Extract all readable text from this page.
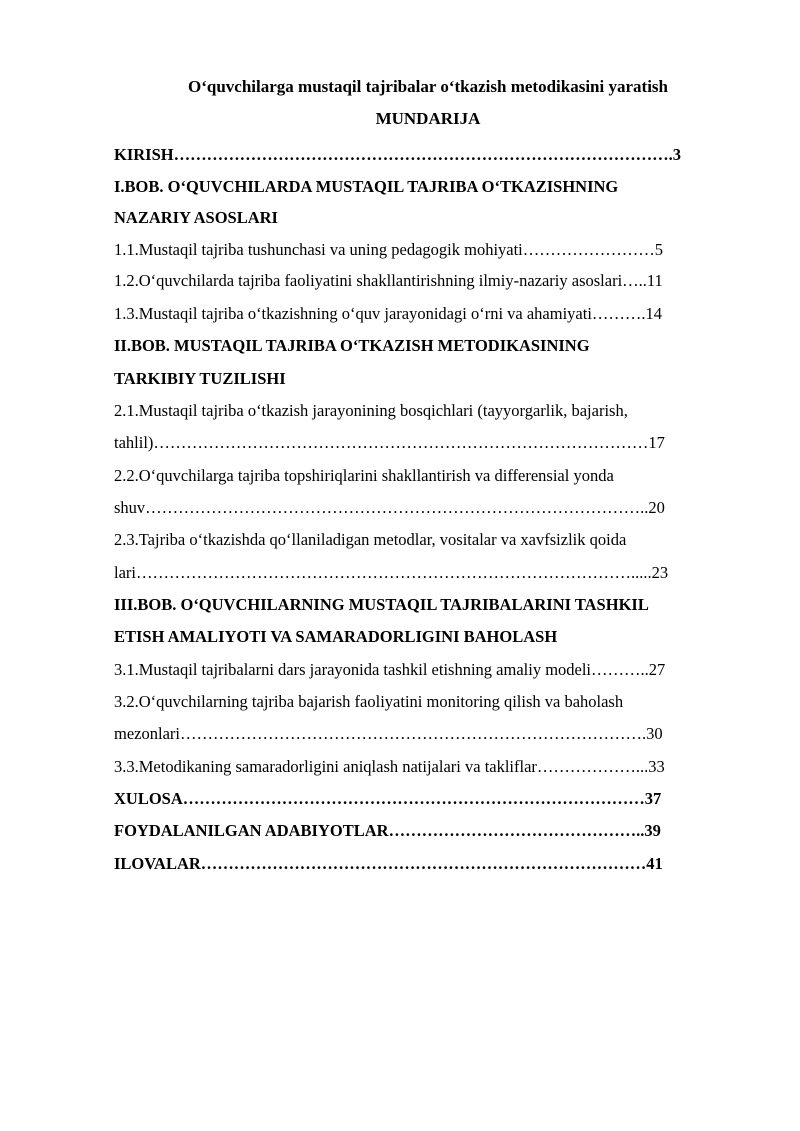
O‘quvchilarga mustaqil tajribalar o‘tkazish metodikasini yaratish
MUNDARIJA
KIRISH……………………………………………………………………………….3
I.BOB. O‘QUVCHILARDA MUSTAQIL TAJRIBA O‘TKAZISHNING
NAZARIY ASOSLARI
1.1.Mustaqil tajriba tushunchasi va uning pedagogik mohiyati……………………5
1.2.O‘quvchilarda tajriba faoliyatini shakllantirishning ilmiy-nazariy asoslari…..11
1.3.Mustaqil tajriba o‘tkazishning o‘quv jarayonidagi o‘rni va ahamiyati……….14
II.BOB. MUSTAQIL TAJRIBA O‘TKAZISH METODIKASINING
TARKIBIY TUZILISHI
2.1.Mustaqil tajriba o‘tkazish jarayonining bosqichlari (tayyorgarlik, bajarish,
tahlil)………………………………………………………………………………17
2.2.O‘quvchilarga tajriba topshiriqlarini shakllantirish va differensial yonda
shuv………………………………………………………………………………..20
2.3.Tajriba o‘tkazishda qo‘llaniladigan metodlar, vositalar va xavfsizlik qoida
lari……………………………………………………………………………….....23
III.BOB. O‘QUVCHILARNING MUSTAQIL TAJRIBALARINI TASHKIL
ETISH AMALIYOTI VA SAMARADORLIGINI BAHOLASH
3.1.Mustaqil tajribalarni dars jarayonida tashkil etishning amaliy modeli………..27
3.2.O‘quvchilarning tajriba bajarish faoliyatini monitoring qilish va baholash
mezonlari………………………………………………………………………….30
3.3.Metodikaning samaradorligini aniqlash natijalari va takliflar………………...33
XULOSA…………………………………………………………………………37
FOYDALANILGAN ADABIYOTLAR………………………………………..39
ILOVALAR………………………………………………………………………41
